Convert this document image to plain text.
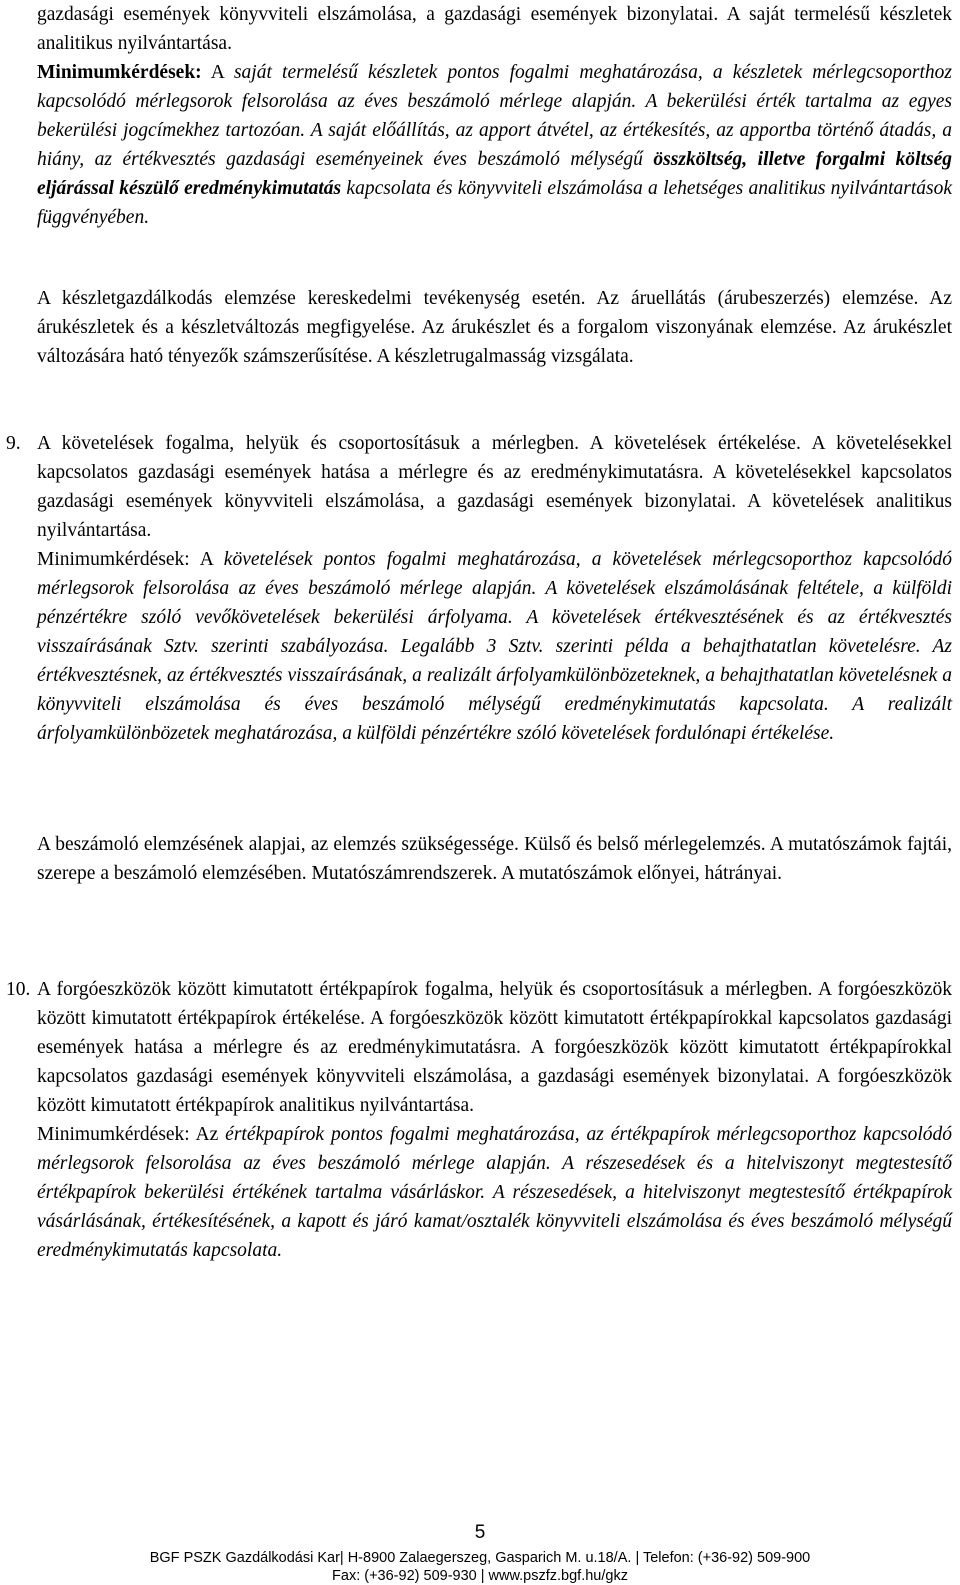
gazdasági események könyvviteli elszámolása, a gazdasági események bizonylatai. A saját termelésű készletek analitikus nyilvántartása.
Minimumkérdések: A saját termelésű készletek pontos fogalmi meghatározása, a készletek mérlegcsoporthoz kapcsolódó mérlegsorok felsorolása az éves beszámoló mérlege alapján. A bekerülési érték tartalma az egyes bekerülési jogcímekhez tartozóan. A saját előállítás, az apport átvétel, az értékesítés, az apportba történő átadás, a hiány, az értékvesztés gazdasági eseményeinek éves beszámoló mélységű összköltség, illetve forgalmi költség eljárással készülő eredménykimutatás kapcsolata és könyvviteli elszámolása a lehetséges analitikus nyilvántartások függvényében.

A készletgazdálkodás elemzése kereskedelmi tevékenység esetén. Az áruellátás (árubeszerzés) elemzése. Az árukészletek és a készletváltozás megfigyelése. Az árukészlet és a forgalom viszonyának elemzése. Az árukészlet változására ható tényezők számszerűsítése. A készletrugalmasság vizsgálata.

9. A követelések fogalma, helyük és csoportosításuk a mérlegben. A követelések értékelése. A követelésekkel kapcsolatos gazdasági események hatása a mérlegre és az eredménykimutatásra. A követelésekkel kapcsolatos gazdasági események könyvviteli elszámolása, a gazdasági események bizonylatai. A követelések analitikus nyilvántartása.
Minimumkérdések: A követelések pontos fogalmi meghatározása, a követelések mérlegcsoporthoz kapcsolódó mérlegsorok felsorolása az éves beszámoló mérlege alapján. A követelések elszámolásának feltétele, a külföldi pénzértékre szóló vevőkövetelések bekerülési árfolyama. A követelések értékvesztésének és az értékvesztés visszaírásának Sztv. szerinti szabályozása. Legalább 3 Sztv. szerinti példa a behajthatatlan követelésre. Az értékvesztésnek, az értékvesztés visszaírásának, a realizált árfolyamkülönbözeteknek, a behajthatatlan követelésnek a könyvviteli elszámolása és éves beszámoló mélységű eredménykimutatás kapcsolata. A realizált árfolyamkülönbözetek meghatározása, a külföldi pénzértékre szóló követelések fordulónapi értékelése.

A beszámoló elemzésének alapjai, az elemzés szükségessége. Külső és belső mérlegelemzés. A mutatószámok fajtái, szerepe a beszámoló elemzésében. Mutatószámrendszerek. A mutatószámok előnyei, hátrányai.

10. A forgóeszközök között kimutatott értékpapírok fogalma, helyük és csoportosításuk a mérlegben. A forgóeszközök között kimutatott értékpapírok értékelése. A forgóeszközök között kimutatott értékpapírokkal kapcsolatos gazdasági események hatása a mérlegre és az eredménykimutatásra. A forgóeszközök között kimutatott értékpapírokkal kapcsolatos gazdasági események könyvviteli elszámolása, a gazdasági események bizonylatai. A forgóeszközök között kimutatott értékpapírok analitikus nyilvántartása.
Minimumkérdések: Az értékpapírok pontos fogalmi meghatározása, az értékpapírok mérlegcsoporthoz kapcsolódó mérlegsorok felsorolása az éves beszámoló mérlege alapján. A részesedések és a hitelviszonyt megtestesítő értékpapírok bekerülési értékének tartalma vásárláskor. A részesedések, a hitelviszonyt megtestesítő értékpapírok vásárlásának, értékesítésének, a kapott és járó kamat/osztalék könyvviteli elszámolása és éves beszámoló mélységű eredménykimutatás kapcsolata.

5
BGF PSZK Gazdálkodási Kar| H-8900 Zalaegerszeg, Gasparich M. u.18/A. | Telefon: (+36-92) 509-900
Fax: (+36-92) 509-930 | www.pszfz.bgf.hu/gkz
